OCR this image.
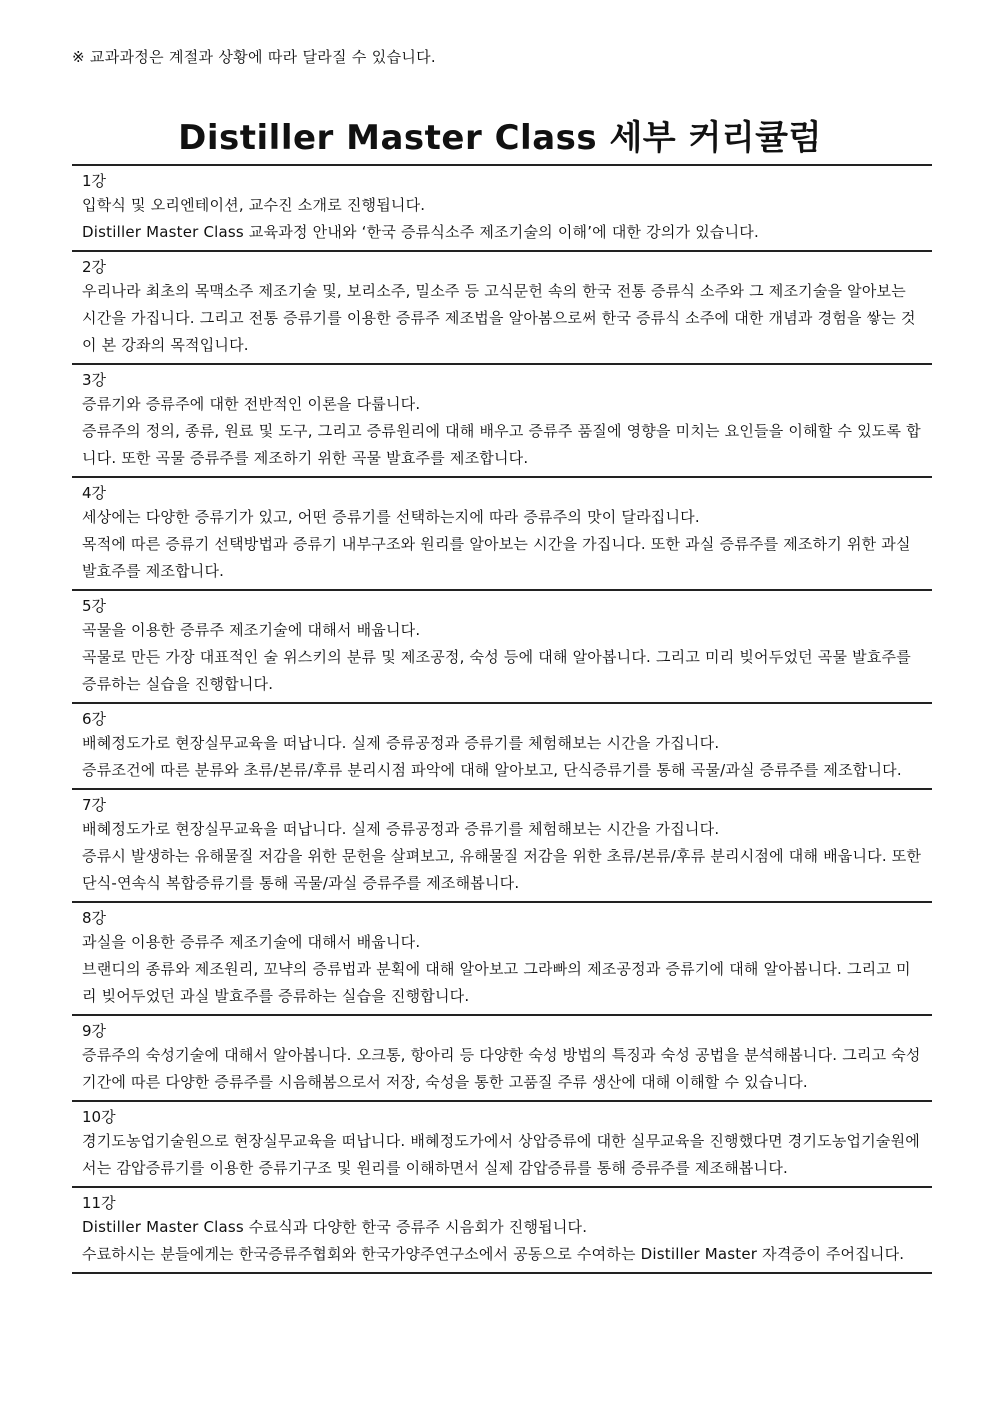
※ 교과과정은 계절과 상황에 따라 달라질 수 있습니다.
Distiller Master Class 세부 커리큘럼
1강

입학식 및 오리엔테이션, 교수진 소개로 진행됩니다.

Distiller Master Class 교육과정 안내와 ‘한국 증류식소주 제조기술의 이해’에 대한 강의가 있습니다.

2강

우리나라 최초의 목맥소주 제조기술 및, 보리소주, 밀소주 등 고식문헌 속의 한국 전통 증류식 소주와 그 제조기술을 알아보는 시간을 가집니다. 그리고 전통 증류기를 이용한 증류주 제조법을 알아봄으로써 한국 증류식 소주에 대한 개념과 경험을 쌓는 것이 본 강좌의 목적입니다.

3강

증류기와 증류주에 대한 전반적인 이론을 다룹니다.

증류주의 정의, 종류, 원료 및 도구, 그리고 증류원리에 대해 배우고 증류주 품질에 영향을 미치는 요인들을 이해할 수 있도록 합니다. 또한 곡물 증류주를 제조하기 위한 곡물 발효주를 제조합니다.

4강

세상에는 다양한 증류기가 있고, 어떤 증류기를 선택하는지에 따라 증류주의 맛이 달라집니다.

목적에 따른 증류기 선택방법과 증류기 내부구조와 원리를 알아보는 시간을 가집니다. 또한 과실 증류주를 제조하기 위한 과실 발효주를 제조합니다.

5강

곡물을 이용한 증류주 제조기술에 대해서 배웁니다.

곡물로 만든 가장 대표적인 술 위스키의 분류 및 제조공정, 숙성 등에 대해 알아봅니다. 그리고 미리 빚어두었던 곡물 발효주를 증류하는 실습을 진행합니다.

6강

배혜정도가로 현장실무교육을 떠납니다. 실제 증류공정과 증류기를 체험해보는 시간을 가집니다.

증류조건에 따른 분류와 초류/본류/후류 분리시점 파악에 대해 알아보고, 단식증류기를 통해 곡물/과실 증류주를 제조합니다.

7강

배혜정도가로 현장실무교육을 떠납니다. 실제 증류공정과 증류기를 체험해보는 시간을 가집니다.

증류시 발생하는 유해물질 저감을 위한 문헌을 살펴보고, 유해물질 저감을 위한 초류/본류/후류 분리시점에 대해 배웁니다. 또한 단식-연속식 복합증류기를 통해 곡물/과실 증류주를 제조해봅니다.

8강

과실을 이용한 증류주 제조기술에 대해서 배웁니다.

브랜디의 종류와 제조원리, 꼬냑의 증류법과 분획에 대해 알아보고 그라빠의 제조공정과 증류기에 대해 알아봅니다. 그리고 미리 빚어두었던 과실 발효주를 증류하는 실습을 진행합니다.

9강

증류주의 숙성기술에 대해서 알아봅니다. 오크통, 항아리 등 다양한 숙성 방법의 특징과 숙성 공법을 분석해봅니다. 그리고 숙성 기간에 따른 다양한 증류주를 시음해봄으로서 저장, 숙성을 통한 고품질 주류 생산에 대해 이해할 수 있습니다.

10강

경기도농업기술원으로 현장실무교육을 떠납니다. 배혜정도가에서 상압증류에 대한 실무교육을 진행했다면 경기도농업기술원에서는 감압증류기를 이용한 증류기구조 및 원리를 이해하면서 실제 감압증류를 통해 증류주를 제조해봅니다.

11강

Distiller Master Class 수료식과 다양한 한국 증류주 시음회가 진행됩니다.

수료하시는 분들에게는 한국증류주협회와 한국가양주연구소에서 공동으로 수여하는 Distiller Master 자격증이 주어집니다.
